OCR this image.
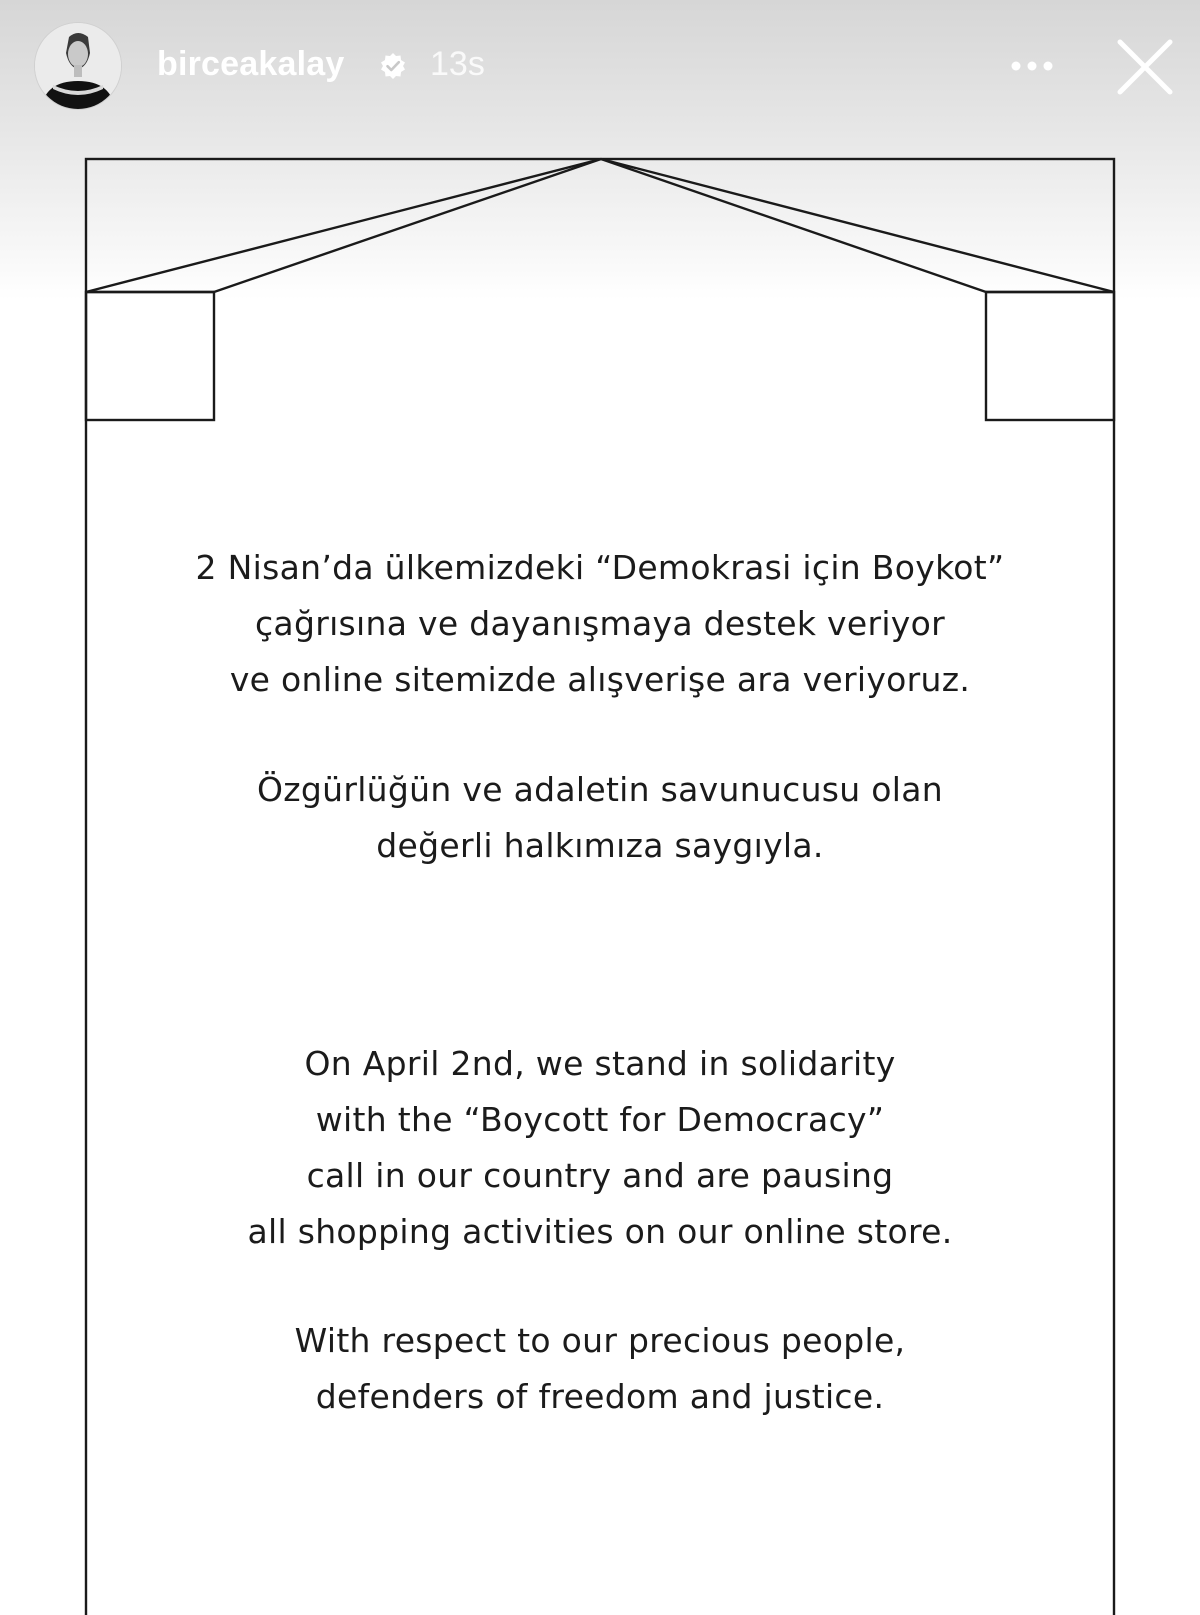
2 Nisan’da ülkemizdeki “Demokrasi için Boykot”
çağrısına ve dayanışmaya destek veriyor
ve online sitemizde alışverişe ara veriyoruz.
Özgürlüğün ve adaletin savunucusu olan
değerli halkımıza saygıyla.
On April 2nd, we stand in solidarity
with the “Boycott for Democracy”
call in our country and are pausing
all shopping activities on our online store.
With respect to our precious people,
defenders of freedom and justice.
birceakalay	13s
